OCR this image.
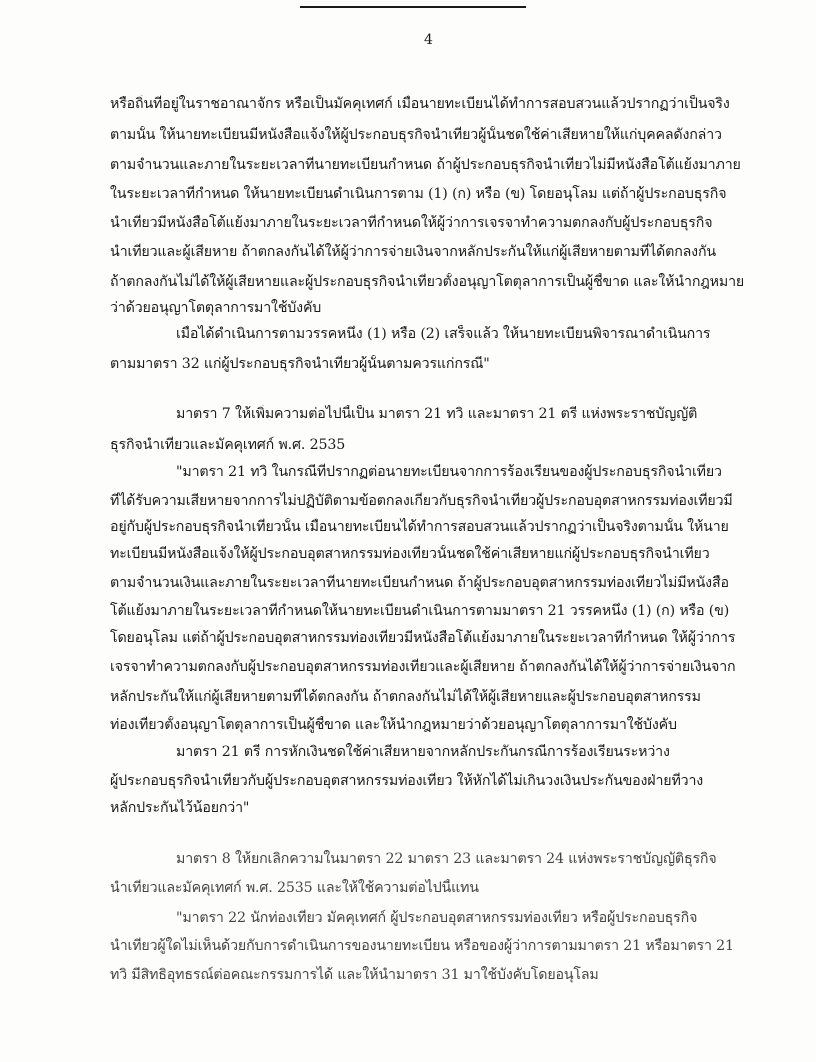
4

หรือถิ่นที่อยู่ในราชอาณาจักร หรือเป็นมัคคุเทศก์ เมื่อนายทะเบียนได้ทำการสอบสวนแล้วปรากฏว่าเป็นจริง

ตามนั้น ให้นายทะเบียนมีหนังสือแจ้งให้ผู้ประกอบธุรกิจนำเที่ยวผู้นั้นชดใช้ค่าเสียหายให้แก่บุคคลดังกล่าว

ตามจำนวนและภายในระยะเวลาที่นายทะเบียนกำหนด ถ้าผู้ประกอบธุรกิจนำเที่ยวไม่มีหนังสือโต้แย้งมาภาย

ในระยะเวลาที่กำหนด ให้นายทะเบียนดำเนินการตาม (1) (ก) หรือ (ข) โดยอนุโลม แต่ถ้าผู้ประกอบธุรกิจ

นำเที่ยวมีหนังสือโต้แย้งมาภายในระยะเวลาที่กำหนดให้ผู้ว่าการเจรจาทำความตกลงกับผู้ประกอบธุรกิจ

นำเที่ยวและผู้เสียหาย ถ้าตกลงกันได้ให้ผู้ว่าการจ่ายเงินจากหลักประกันให้แก่ผู้เสียหายตามที่ได้ตกลงกัน

ถ้าตกลงกันไม่ได้ให้ผู้เสียหายและผู้ประกอบธุรกิจนำเที่ยวตั้งอนุญาโตตุลาการเป็นผู้ชี้ขาด และให้นำกฎหมาย

ว่าด้วยอนุญาโตตุลาการมาใช้บังคับ

เมื่อได้ดำเนินการตามวรรคหนึ่ง (1) หรือ (2) เสร็จแล้ว ให้นายทะเบียนพิจารณาดำเนินการ

ตามมาตรา 32 แก่ผู้ประกอบธุรกิจนำเที่ยวผู้นั้นตามควรแก่กรณี"

มาตรา 7 ให้เพิ่มความต่อไปนี้เป็น มาตรา 21 ทวิ และมาตรา 21 ตรี แห่งพระราชบัญญัติ

ธุรกิจนำเที่ยวและมัคคุเทศก์ พ.ศ. 2535

"มาตรา 21 ทวิ ในกรณีที่ปรากฏต่อนายทะเบียนจากการร้องเรียนของผู้ประกอบธุรกิจนำเที่ยว

ที่ได้รับความเสียหายจากการไม่ปฏิบัติตามข้อตกลงเกี่ยวกับธุรกิจนำเที่ยวผู้ประกอบอุตสาหกรรมท่องเที่ยวมี

อยู่กับผู้ประกอบธุรกิจนำเที่ยวนั้น เมื่อนายทะเบียนได้ทำการสอบสวนแล้วปรากฏว่าเป็นจริงตามนั้น ให้นาย

ทะเบียนมีหนังสือแจ้งให้ผู้ประกอบอุตสาหกรรมท่องเที่ยวนั้นชดใช้ค่าเสียหายแก่ผู้ประกอบธุรกิจนำเที่ยว

ตามจำนวนเงินและภายในระยะเวลาที่นายทะเบียนกำหนด ถ้าผู้ประกอบอุตสาหกรรมท่องเที่ยวไม่มีหนังสือ

โต้แย้งมาภายในระยะเวลาที่กำหนดให้นายทะเบียนดำเนินการตามมาตรา 21 วรรคหนึ่ง (1) (ก) หรือ (ข)

โดยอนุโลม แต่ถ้าผู้ประกอบอุตสาหกรรมท่องเที่ยวมีหนังสือโต้แย้งมาภายในระยะเวลาที่กำหนด ให้ผู้ว่าการ

เจรจาทำความตกลงกับผู้ประกอบอุตสาหกรรมท่องเที่ยวและผู้เสียหาย ถ้าตกลงกันได้ให้ผู้ว่าการจ่ายเงินจาก

หลักประกันให้แก่ผู้เสียหายตามที่ได้ตกลงกัน ถ้าตกลงกันไม่ได้ให้ผู้เสียหายและผู้ประกอบอุตสาหกรรม

ท่องเที่ยวตั้งอนุญาโตตุลาการเป็นผู้ชี้ขาด และให้นำกฎหมายว่าด้วยอนุญาโตตุลาการมาใช้บังคับ

มาตรา 21 ตรี การหักเงินชดใช้ค่าเสียหายจากหลักประกันกรณีการร้องเรียนระหว่าง

ผู้ประกอบธุรกิจนำเที่ยวกับผู้ประกอบอุตสาหกรรมท่องเที่ยว ให้หักได้ไม่เกินวงเงินประกันของฝ่ายที่วาง

หลักประกันไว้น้อยกว่า"

มาตรา 8 ให้ยกเลิกความในมาตรา 22 มาตรา 23 และมาตรา 24 แห่งพระราชบัญญัติธุรกิจ

นำเที่ยวและมัคคุเทศก์ พ.ศ. 2535 และให้ใช้ความต่อไปนี้แทน

"มาตรา 22 นักท่องเที่ยว มัคคุเทศก์ ผู้ประกอบอุตสาหกรรมท่องเที่ยว หรือผู้ประกอบธุรกิจ

นำเที่ยวผู้ใดไม่เห็นด้วยกับการดำเนินการของนายทะเบียน หรือของผู้ว่าการตามมาตรา 21 หรือมาตรา 21

ทวิ มีสิทธิอุทธรณ์ต่อคณะกรรมการได้ และให้นำมาตรา 31 มาใช้บังคับโดยอนุโลม
